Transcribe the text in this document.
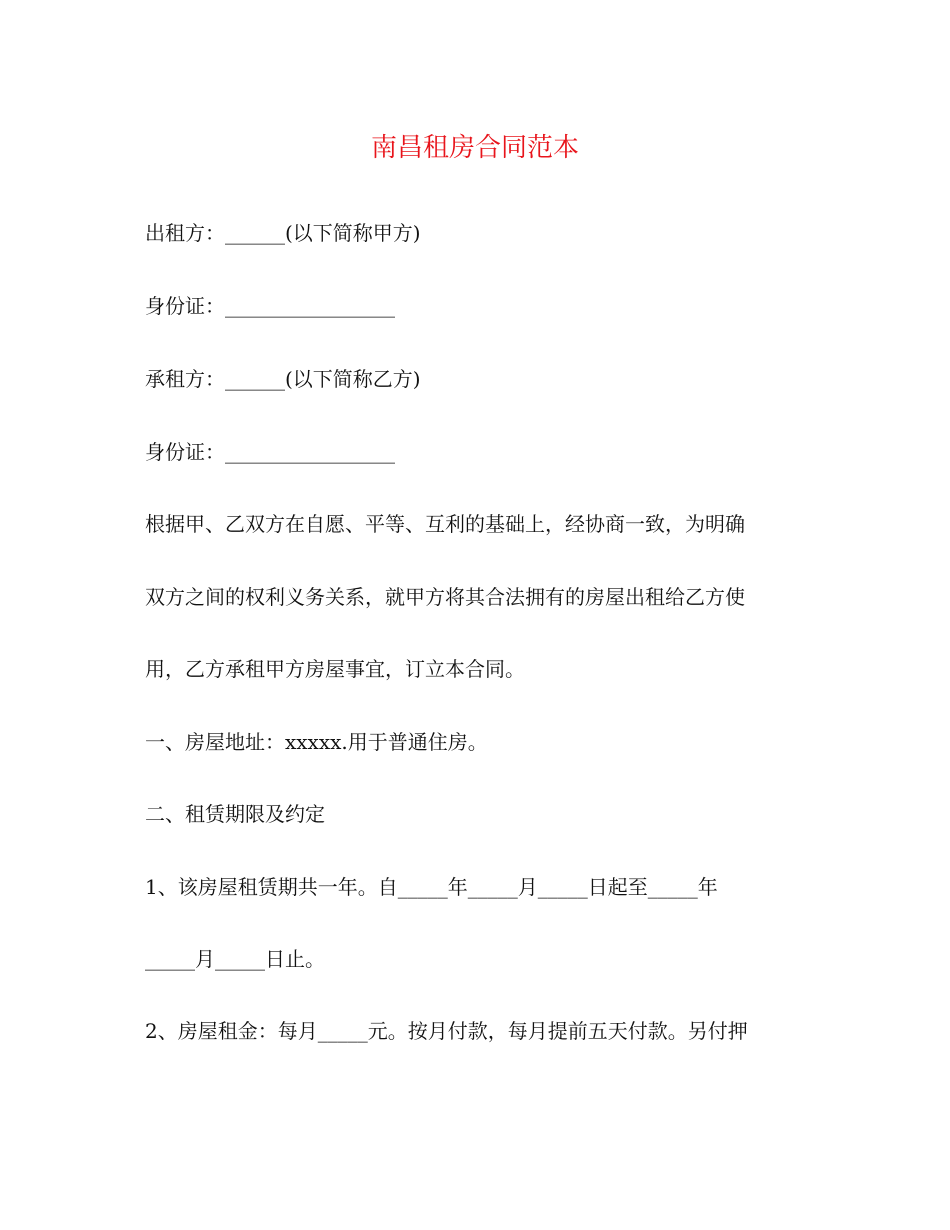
南昌租房合同范本

出租方：______(以下简称甲方)

身份证：_________________

承租方：______(以下简称乙方)

身份证：_________________

根据甲、乙双方在自愿、平等、互利的基础上，经协商一致，为明确

双方之间的权利义务关系，就甲方将其合法拥有的房屋出租给乙方使

用，乙方承租甲方房屋事宜，订立本合同。

一、房屋地址：xxxxx.用于普通住房。

二、租赁期限及约定

1、该房屋租赁期共一年。自_____年_____月_____日起至_____年

_____月_____日止。

2、房屋租金：每月_____元。按月付款，每月提前五天付款。另付押
